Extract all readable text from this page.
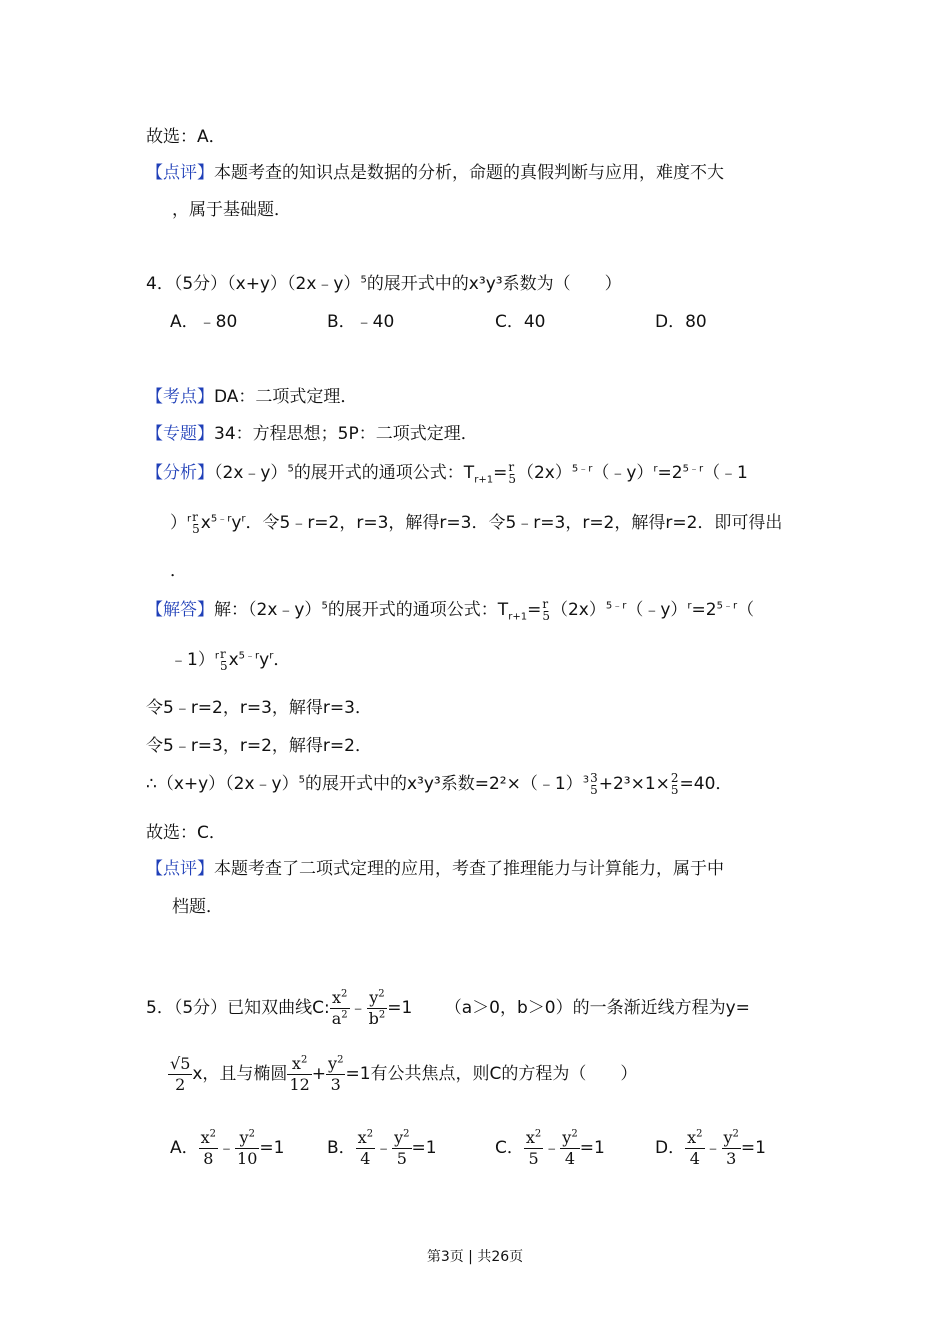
故选：A．
【点评】本题考查的知识点是数据的分析，命题的真假判断与应用，难度不大
，属于基础题．
4．（5分）（x+y）（2x﹣y）$^5$的展开式中的x³y³系数为（　　）
A．﹣80	B．﹣40	C．40	D．80
【考点】DA：二项式定理．
【专题】34：方程思想；5P：二项式定理．
【分析】（2x﹣y）$^5$的展开式的通项公式：$T_{r+1}= r$
5 $(2x)^{5﹣r}(﹣y)^r=2^{5﹣r}(﹣1$
）$^r$ r
5 $x^{5﹣r}y^r$．令5﹣r=2，r=3，解得r=3．令5﹣r=3，r=2，解得r=2．即可得出
．
【解答】解：（2x﹣y）$^5$的展开式的通项公式：$T_{r+1}= r$
5 $(2x)^{5﹣r}(﹣y)^r=2^{5﹣r}$（
﹣1）$^r$ r
5 $x^{5﹣r}y^r$．
令5﹣r=2，r=3，解得r=3．
令5﹣r=3，r=2，解得r=2．
∴（x+y）（2x﹣y）$^5$的展开式中的x³y³系数=2²×（﹣1）$^3$ 3
5 +2³×1× 2
5 =40．
故选：C．
【点评】本题考查了二项式定理的应用，考查了推理能力与计算能力，属于中
档题．
5．（5分）已知双曲线C: $\frac{x^2}{a^2}$ ﹣ $\frac{y^2}{b^2} =1$      （a＞0，b＞0）的一条渐近线方程为y=
$\frac{√5}{2}$ x，且与椭圆 $\frac{x^2}{12} + \frac{y^2}{3} =1$有公共焦点，则C的方程为（　　）
A． $\frac{x^2}{8}$ ﹣ $\frac{y^2}{10} =1$	B． $\frac{x^2}{4}$ ﹣ $\frac{y^2}{5} =1$	C． $\frac{x^2}{5}$ ﹣ $\frac{y^2}{4} =1$	D． $\frac{x^2}{4}$ ﹣ $\frac{y^2}{3} =1$
第3页 | 共26页
